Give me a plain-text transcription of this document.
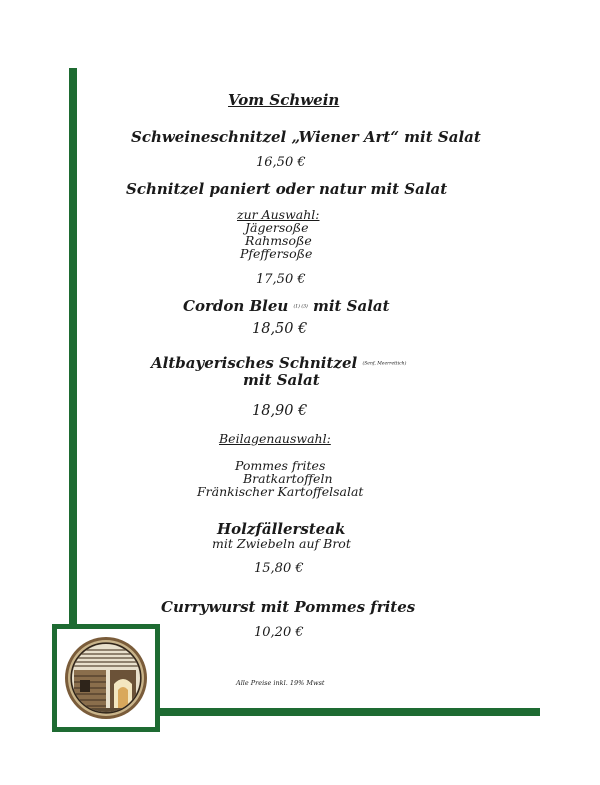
Vom Schwein
Schweineschnitzel „Wiener Art“ mit Salat
16,50 €
Schnitzel paniert oder natur mit Salat
zur Auswahl:
Jägersoße
Rahmsoße
Pfeffersoße
17,50 €
Cordon Bleu (1) (3) mit Salat
18,50 €
Altbayerisches Schnitzel (Senf, Meerrettich)
mit Salat
18,90 €
Beilagenauswahl:
Pommes frites
Bratkartoffeln
Fränkischer Kartoffelsalat
Holzfällersteak
mit Zwiebeln auf Brot
15,80 €
Currywurst mit Pommes frites
10,20 €
Alle Preise inkl. 19% Mwst
